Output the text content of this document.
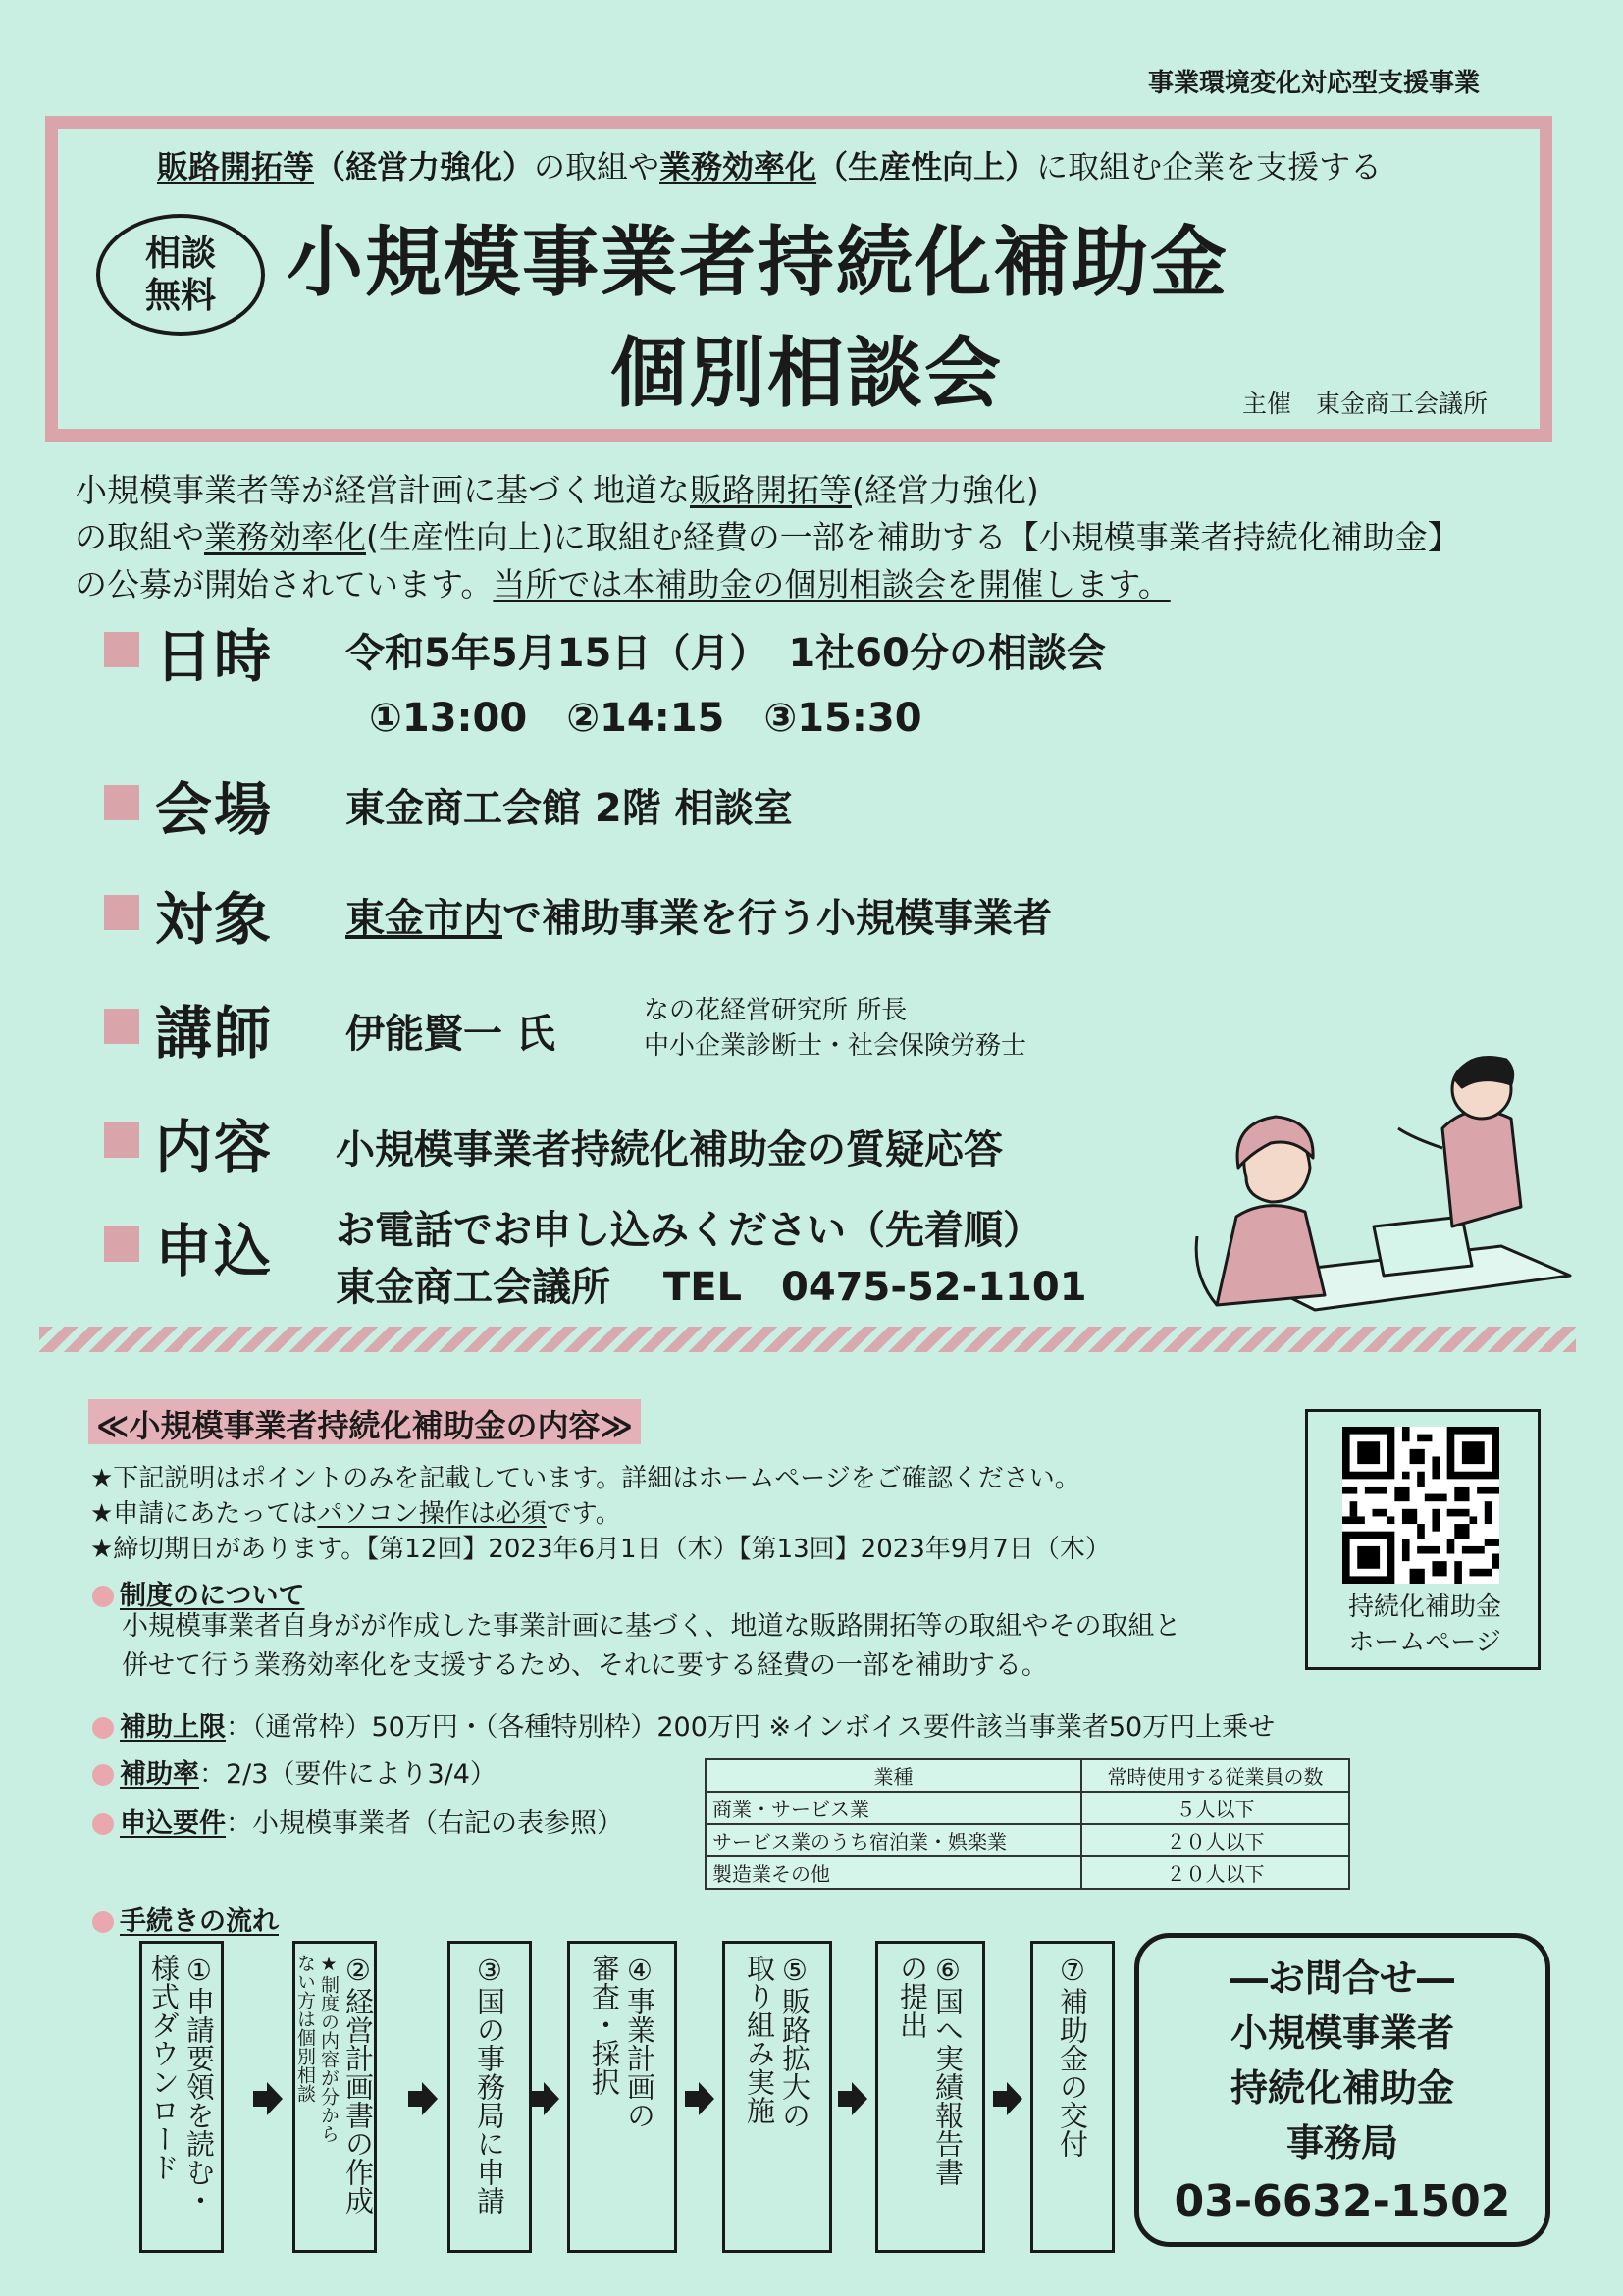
事業環境変化対応型支援事業
販路開拓等（経営力強化）の取組や業務効率化（生産性向上）に取組む企業を支援する
相談
無料 小規模事業者持続化補助金
個別相談会	主催　東金商工会議所
小規模事業者等が経営計画に基づく地道な販路開拓等(経営力強化)
の取組や業務効率化(生産性向上)に取組む経費の一部を補助する【小規模事業者持続化補助金】
の公募が開始されています。当所では本補助金の個別相談会を開催します。
日時 令和5年5月15日（月）　1社60分の相談会
①13:00　②14:15　③15:30
会場 東金商工会館 2階 相談室
対象 東金市内で補助事業を行う小規模事業者
講師 伊能賢一 氏
なの花経営研究所 所長
中小企業診断士・社会保険労務士
内容 小規模事業者持続化補助金の質疑応答
申込 お電話でお申し込みください（先着順）
東金商工会議所　 TEL　0475-52-1101
≪小規模事業者持続化補助金の内容≫
★下記説明はポイントのみを記載しています。詳細はホームページをご確認ください。
★申請にあたってはパソコン操作は必須です。
★締切期日があります。【第12回】2023年6月1日（木）【第13回】2023年9月7日（木）
制度のについて
小規模事業者自身がが作成した事業計画に基づく、地道な販路開拓等の取組やその取組と
併せて行う業務効率化を支援するため、それに要する経費の一部を補助する。
補助上限：（通常枠）50万円・（各種特別枠）200万円 ※インボイス要件該当事業者50万円上乗せ
補助率：2/3（要件により3/4）
申込要件：小規模事業者（右記の表参照）
持続化補助金
ホームページ
業種	常時使用する従業員の数
商業・サービス業	５人以下
サービス業のうち宿泊業・娯楽業	２０人以下
製造業その他	２０人以下
手続きの流れ
①申請要領を読む・
様式ダウンロード	②経営計画書の作成
★制度の内容が分から
ない方は個別相談	③国の事務局に申請	④事業計画の
審査・採択	⑤販路拡大の
取り組み実施	⑥国へ実績報告書
の提出	⑦補助金の交付	―お問合せ―
小規模事業者
持続化補助金
事務局
03-6632-1502
